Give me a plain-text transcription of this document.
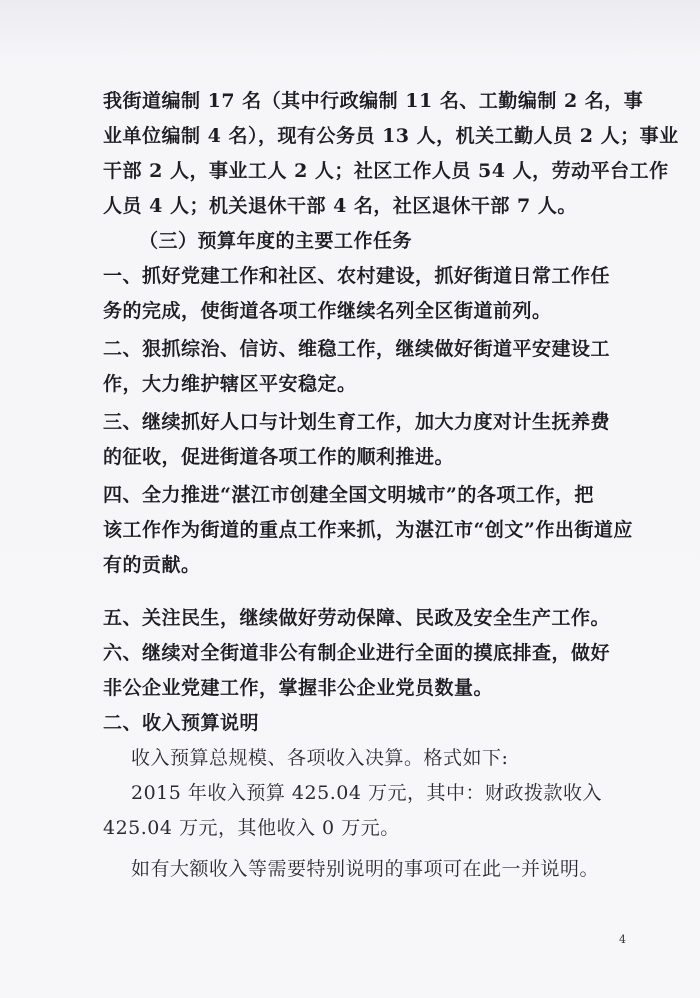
我街道编制 17 名（其中行政编制 11 名、工勤编制 2 名，事
业单位编制 4 名），现有公务员 13 人，机关工勤人员 2 人；事业
干部 2 人，事业工人 2 人；社区工作人员 54 人，劳动平台工作
人员 4 人；机关退休干部 4 名，社区退休干部 7 人。
（三）预算年度的主要工作任务
一、抓好党建工作和社区、农村建设，抓好街道日常工作任
务的完成，使街道各项工作继续名列全区街道前列。
二、狠抓综治、信访、维稳工作，继续做好街道平安建设工
作，大力维护辖区平安稳定。
三、继续抓好人口与计划生育工作，加大力度对计生抚养费
的征收，促进街道各项工作的顺利推进。
四、全力推进“湛江市创建全国文明城市”的各项工作，把
该工作作为街道的重点工作来抓，为湛江市“创文”作出街道应
有的贡献。
五、关注民生，继续做好劳动保障、民政及安全生产工作。
六、继续对全街道非公有制企业进行全面的摸底排查，做好
非公企业党建工作，掌握非公企业党员数量。
二、收入预算说明
收入预算总规模、各项收入决算。格式如下:
2015 年收入预算 425.04 万元，其中：财政拨款收入
425.04 万元，其他收入 0 万元。
如有大额收入等需要特别说明的事项可在此一并说明。
4
